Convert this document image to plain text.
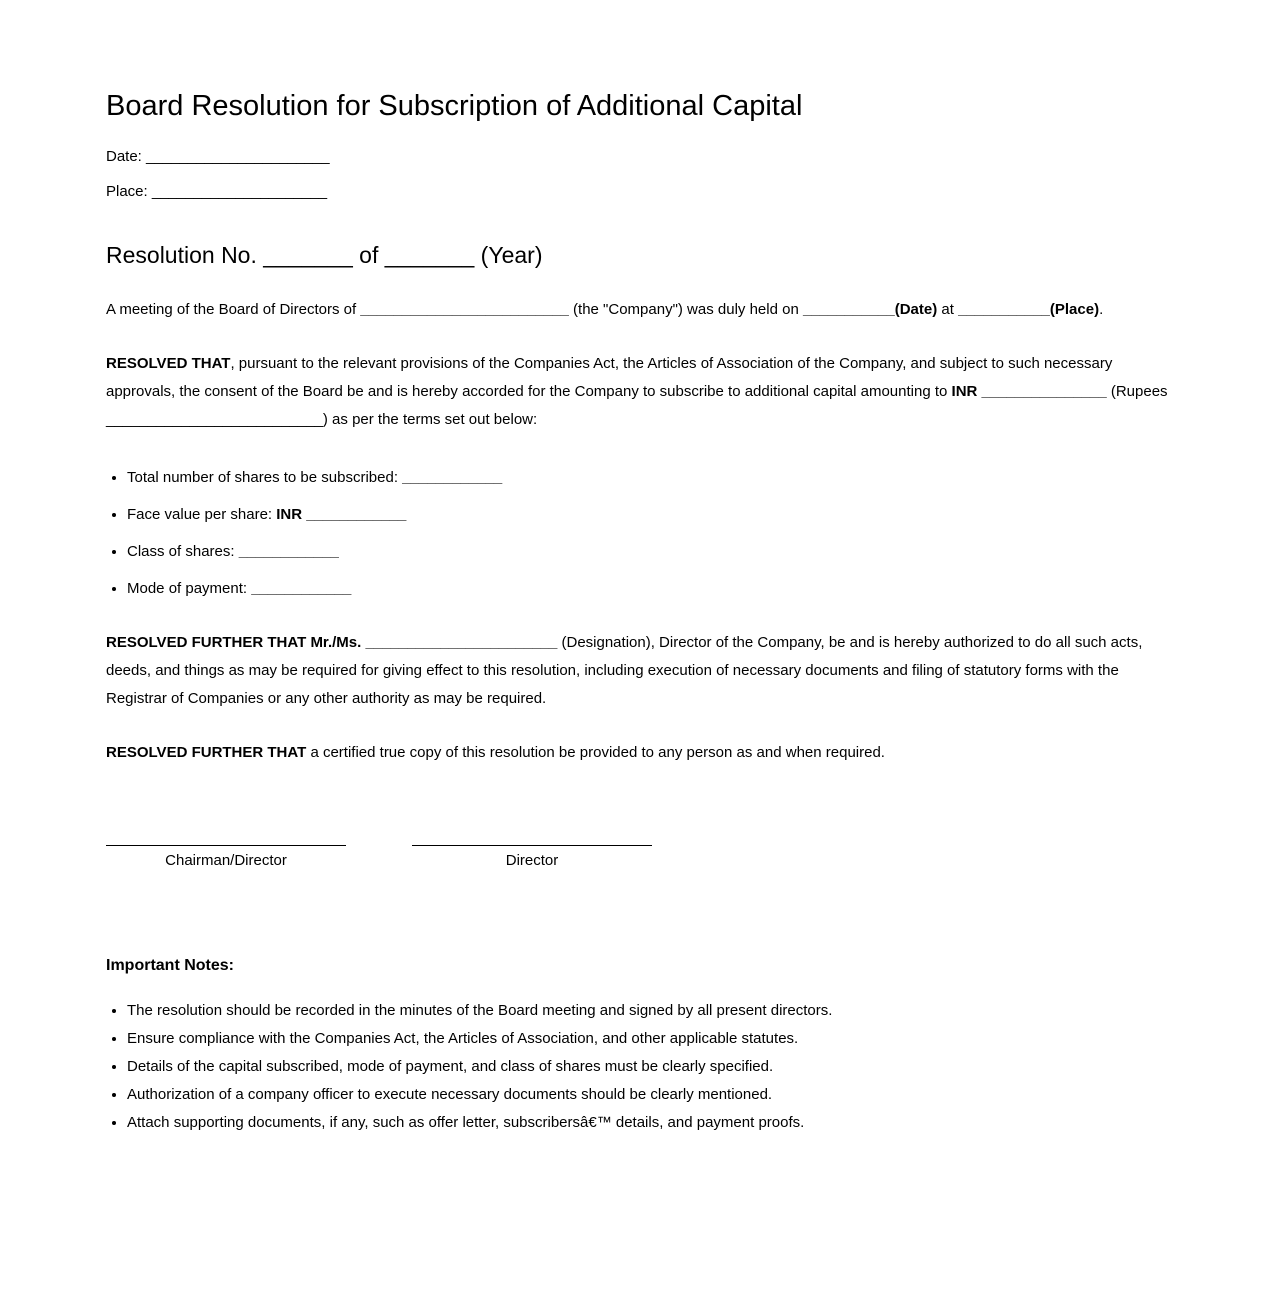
Board Resolution for Subscription of Additional Capital

Date: ______________________

Place: _____________________

Resolution No. _______ of _______ (Year)

A meeting of the Board of Directors of _________________________ (the "Company") was duly held on ___________(Date) at ___________(Place).

RESOLVED THAT, pursuant to the relevant provisions of the Companies Act, the Articles of Association of the Company, and subject to such necessary approvals, the consent of the Board be and is hereby accorded for the Company to subscribe to additional capital amounting to INR _______________ (Rupees __________________________) as per the terms set out below:

• Total number of shares to be subscribed: ____________
• Face value per share: INR ____________
• Class of shares: ____________
• Mode of payment: ____________

RESOLVED FURTHER THAT Mr./Ms. _______________________ (Designation), Director of the Company, be and is hereby authorized to do all such acts, deeds, and things as may be required for giving effect to this resolution, including execution of necessary documents and filing of statutory forms with the Registrar of Companies or any other authority as may be required.

RESOLVED FURTHER THAT a certified true copy of this resolution be provided to any person as and when required.

Chairman/Director	Director
Important Notes:
• The resolution should be recorded in the minutes of the Board meeting and signed by all present directors.
• Ensure compliance with the Companies Act, the Articles of Association, and other applicable statutes.
• Details of the capital subscribed, mode of payment, and class of shares must be clearly specified.
• Authorization of a company officer to execute necessary documents should be clearly mentioned.
• Attach supporting documents, if any, such as offer letter, subscribersâ€™ details, and payment proofs.
